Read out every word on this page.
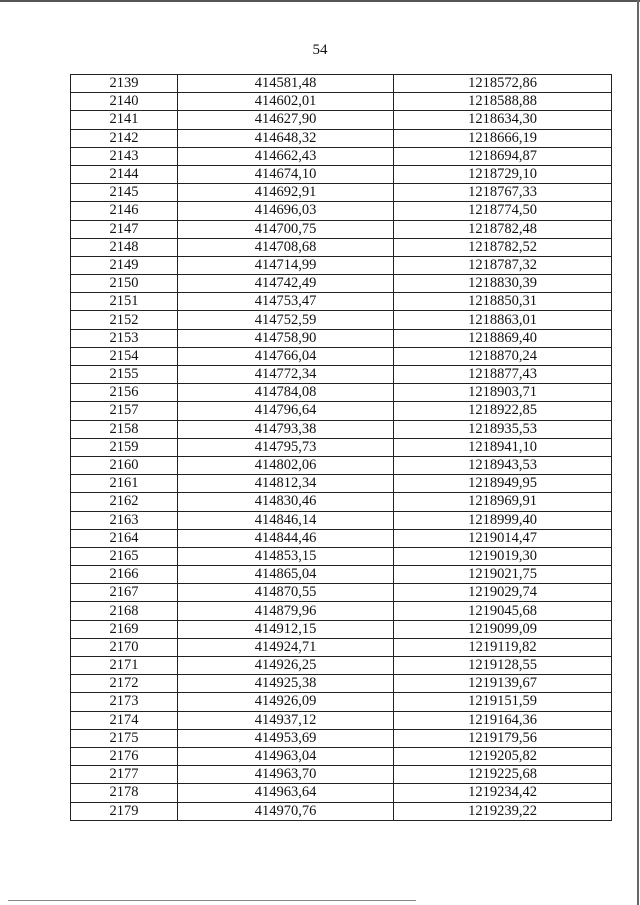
54
2139	414581,48	1218572,86
2140	414602,01	1218588,88
2141	414627,90	1218634,30
2142	414648,32	1218666,19
2143	414662,43	1218694,87
2144	414674,10	1218729,10
2145	414692,91	1218767,33
2146	414696,03	1218774,50
2147	414700,75	1218782,48
2148	414708,68	1218782,52
2149	414714,99	1218787,32
2150	414742,49	1218830,39
2151	414753,47	1218850,31
2152	414752,59	1218863,01
2153	414758,90	1218869,40
2154	414766,04	1218870,24
2155	414772,34	1218877,43
2156	414784,08	1218903,71
2157	414796,64	1218922,85
2158	414793,38	1218935,53
2159	414795,73	1218941,10
2160	414802,06	1218943,53
2161	414812,34	1218949,95
2162	414830,46	1218969,91
2163	414846,14	1218999,40
2164	414844,46	1219014,47
2165	414853,15	1219019,30
2166	414865,04	1219021,75
2167	414870,55	1219029,74
2168	414879,96	1219045,68
2169	414912,15	1219099,09
2170	414924,71	1219119,82
2171	414926,25	1219128,55
2172	414925,38	1219139,67
2173	414926,09	1219151,59
2174	414937,12	1219164,36
2175	414953,69	1219179,56
2176	414963,04	1219205,82
2177	414963,70	1219225,68
2178	414963,64	1219234,42
2179	414970,76	1219239,22
